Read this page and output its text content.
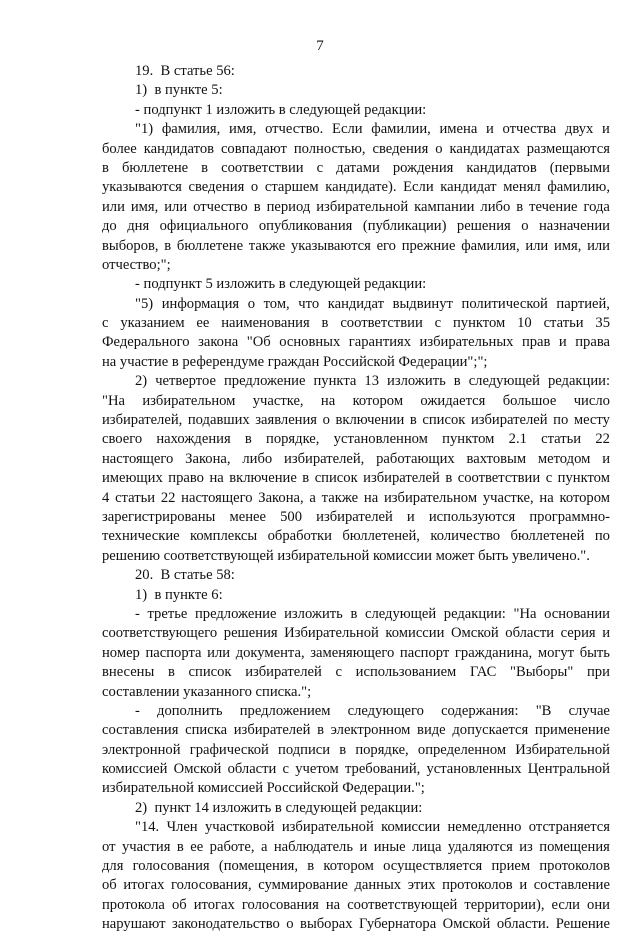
7
19.  В статье 56:
1)  в пункте 5:
- подпункт 1 изложить в следующей редакции:
"1) фамилия, имя, отчество. Если фамилии, имена и отчества двух и
более кандидатов совпадают полностью, сведения о кандидатах размещаются
в бюллетене в соответствии с датами рождения кандидатов (первыми
указываются сведения о старшем кандидате). Если кандидат менял фамилию,
или имя, или отчество в период избирательной кампании либо в течение года
до дня официального опубликования (публикации) решения о назначении
выборов, в бюллетене также указываются его прежние фамилия, или имя, или
отчество;";
- подпункт 5 изложить в следующей редакции:
"5) информация о том, что кандидат выдвинут политической партией,
с указанием ее наименования в соответствии с пунктом 10 статьи 35
Федерального закона "Об основных гарантиях избирательных прав и права
на участие в референдуме граждан Российской Федерации";";
2) четвертое предложение пункта 13 изложить в следующей редакции:
"На избирательном участке, на котором ожидается большое число
избирателей, подавших заявления о включении в список избирателей по месту
своего нахождения в порядке, установленном пунктом 2.1 статьи 22
настоящего Закона, либо избирателей, работающих вахтовым методом и
имеющих право на включение в список избирателей в соответствии с пунктом
4 статьи 22 настоящего Закона, а также на избирательном участке, на котором
зарегистрированы менее 500 избирателей и используются программно-
технические комплексы обработки бюллетеней, количество бюллетеней по
решению соответствующей избирательной комиссии может быть увеличено.".
20.  В статье 58:
1)  в пункте 6:
- третье предложение изложить в следующей редакции: "На основании
соответствующего решения Избирательной комиссии Омской области серия и
номер паспорта или документа, заменяющего паспорт гражданина, могут быть
внесены в список избирателей с использованием ГАС "Выборы" при
составлении указанного списка.";
- дополнить предложением следующего содержания: "В случае
составления списка избирателей в электронном виде допускается применение
электронной графической подписи в порядке, определенном Избирательной
комиссией Омской области с учетом требований, установленных Центральной
избирательной комиссией Российской Федерации.";
2)  пункт 14 изложить в следующей редакции:
"14. Член участковой избирательной комиссии немедленно отстраняется
от участия в ее работе, а наблюдатель и иные лица удаляются из помещения
для голосования (помещения, в котором осуществляется прием протоколов
об итогах голосования, суммирование данных этих протоколов и составление
протокола об итогах голосования на соответствующей территории), если они
нарушают законодательство о выборах Губернатора Омской области. Решение
